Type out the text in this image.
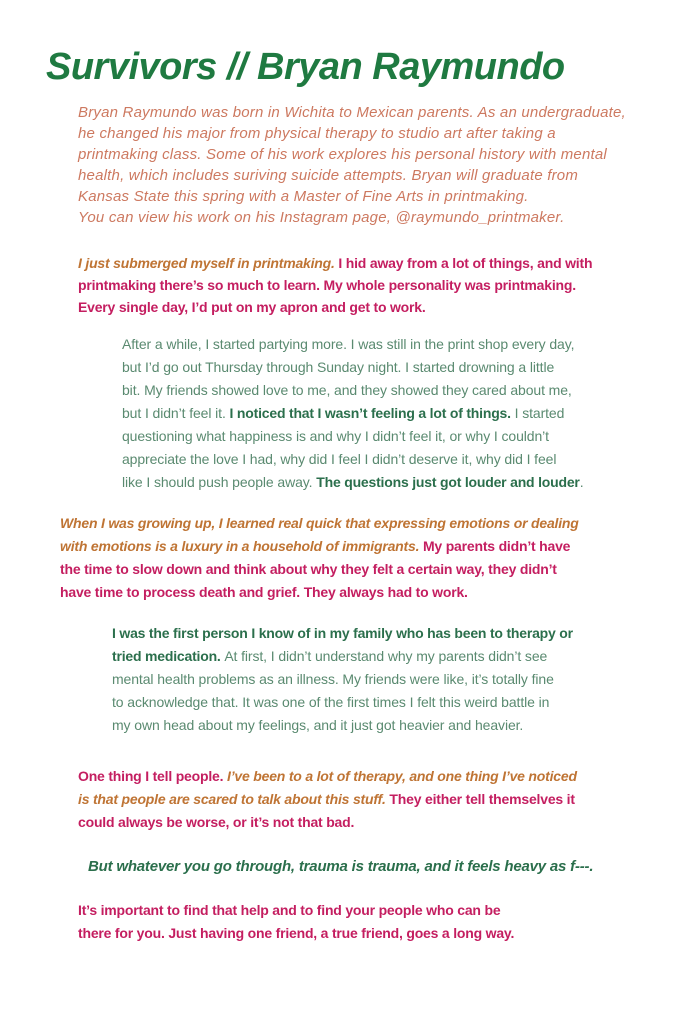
Survivors // Bryan Raymundo
Bryan Raymundo was born in Wichita to Mexican parents. As an undergraduate,
he changed his major from physical therapy to studio art after taking a
printmaking class. Some of his work explores his personal history with mental
health, which includes suriving suicide attempts. Bryan will graduate from
Kansas State this spring with a Master of Fine Arts in printmaking.
You can view his work on his Instagram page, @raymundo_printmaker.
I just submerged myself in printmaking. I hid away from a lot of things, and with
printmaking there’s so much to learn. My whole personality was printmaking.
Every single day, I’d put on my apron and get to work.
After a while, I started partying more. I was still in the print shop every day,
but I’d go out Thursday through Sunday night. I started drowning a little
bit. My friends showed love to me, and they showed they cared about me,
but I didn’t feel it. I noticed that I wasn’t feeling a lot of things. I started
questioning what happiness is and why I didn’t feel it, or why I couldn’t
appreciate the love I had, why did I feel I didn’t deserve it, why did I feel
like I should push people away. The questions just got louder and louder.
When I was growing up, I learned real quick that expressing emotions or dealing
with emotions is a luxury in a household of immigrants. My parents didn’t have
the time to slow down and think about why they felt a certain way, they didn’t
have time to process death and grief. They always had to work.
I was the first person I know of in my family who has been to therapy or
tried medication. At first, I didn’t understand why my parents didn’t see
mental health problems as an illness. My friends were like, it’s totally fine
to acknowledge that. It was one of the first times I felt this weird battle in
my own head about my feelings, and it just got heavier and heavier.
One thing I tell people. I’ve been to a lot of therapy, and one thing I’ve noticed
is that people are scared to talk about this stuff. They either tell themselves it
could always be worse, or it’s not that bad.
But whatever you go through, trauma is trauma, and it feels heavy as f---.
It’s important to find that help and to find your people who can be
there for you. Just having one friend, a true friend, goes a long way.
